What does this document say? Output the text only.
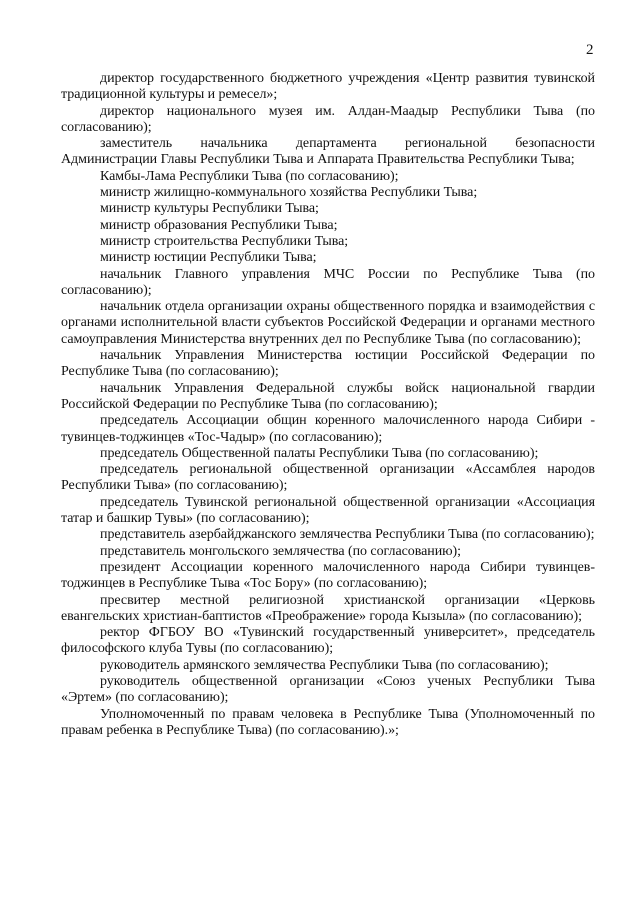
2

директор государственного бюджетного учреждения «Центр развития тувинской традиционной культуры и ремесел»;

директор национального музея им. Алдан-Маадыр Республики Тыва (по согласованию);

заместитель начальника департамента региональной безопасности Администрации Главы Республики Тыва и Аппарата Правительства Республики Тыва;

Камбы-Лама Республики Тыва (по согласованию);

министр жилищно-коммунального хозяйства Республики Тыва;

министр культуры Республики Тыва;

министр образования Республики Тыва;

министр строительства Республики Тыва;

министр юстиции Республики Тыва;

начальник Главного управления МЧС России по Республике Тыва (по согласованию);

начальник отдела организации охраны общественного порядка и взаимодействия с органами исполнительной власти субъектов Российской Федерации и органами местного самоуправления Министерства внутренних дел по Республике Тыва (по согласованию);

начальник Управления Министерства юстиции Российской Федерации по Республике Тыва (по согласованию);

начальник Управления Федеральной службы войск национальной гвардии Российской Федерации по Республике Тыва (по согласованию);

председатель Ассоциации общин коренного малочисленного народа Сибири - тувинцев-тоджинцев «Тос-Чадыр» (по согласованию);

председатель Общественной палаты Республики Тыва (по согласованию);

председатель региональной общественной организации «Ассамблея народов Республики Тыва» (по согласованию);

председатель Тувинской региональной общественной организации «Ассоциация татар и башкир Тувы» (по согласованию);

представитель азербайджанского землячества Республики Тыва (по согласованию);

представитель монгольского землячества (по согласованию);

президент Ассоциации коренного малочисленного народа Сибири тувинцев-тоджинцев в Республике Тыва «Тос Бору» (по согласованию);

пресвитер местной религиозной христианской организации «Церковь евангельских христиан-баптистов «Преображение» города Кызыла» (по согласованию);

ректор ФГБОУ ВО «Тувинский государственный университет», председатель философского клуба Тувы (по согласованию);

руководитель армянского землячества Республики Тыва (по согласованию);

руководитель общественной организации «Союз ученых Республики Тыва «Эртем» (по согласованию);

Уполномоченный по правам человека в Республике Тыва (Уполномоченный по правам ребенка в Республике Тыва) (по согласованию).»;
